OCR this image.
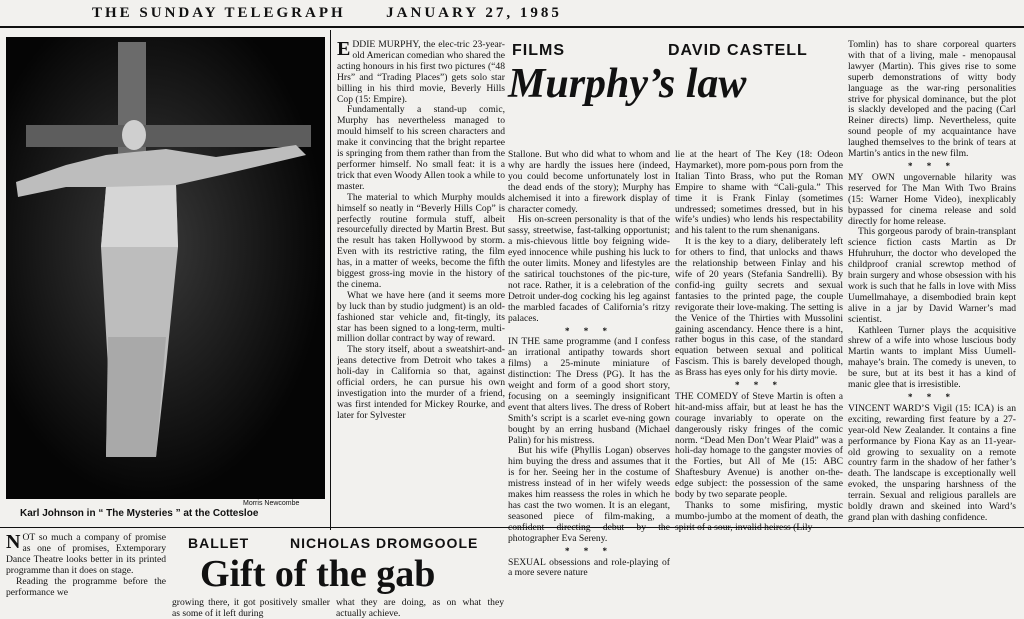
THE SUNDAY TELEGRAPH	JANUARY 27, 1985
Morris Newcombe
Karl Johnson in “ The Mysteries ” at the Cottesloe
FILMS	DAVID CASTELL
Murphy’s law
E DDIE MURPHY, the elec-tric 23-year-old American comedian who shared the acting honours in his first two pictures (“48 Hrs” and “Trading Places”) gets solo star billing in his third movie, Beverly Hills Cop (15: Empire).

Fundamentally a stand-up comic, Murphy has nevertheless managed to mould himself to his screen characters and make it convincing that the bright repartee is springing from them rather than from the performer himself. No small feat: it is a trick that even Woody Allen took a while to master.

The material to which Murphy moulds himself so neatly in “Beverly Hills Cop” is perfectly routine formula stuff, albeit resourcefully directed by Martin Brest. But the result has taken Hollywood by storm. Even with its restrictive rating, the film has, in a matter of weeks, become the fifth biggest gross-ing movie in the history of the cinema.

What we have here (and it seems more by luck than by studio judgment) is an old-fashioned star vehicle and, fit-tingly, its star has been signed to a long-term, multi-million dollar contract by way of reward.

The story itself, about a sweatshirt-and-jeans detective from Detroit who takes a holi-day in California so that, against official orders, he can pursue his own investigation into the murder of a friend, was first intended for Mickey Rourke, and later for Sylvester

Stallone. But who did what to whom and why are hardly the issues here (indeed, you could become unfortunately lost in the dead ends of the story); Murphy has alchemised it into a firework display of character comedy.

His on-screen personality is that of the sassy, streetwise, fast-talking opportunist; a mis-chievous little boy feigning wide-eyed innocence while pushing his luck to the outer limits. Money and lifestyles are the satirical touchstones of the pic-ture, not race. Rather, it is a celebration of the Detroit under-dog cocking his leg against the marbled facades of California’s ritzy palaces.

* * *

IN THE same programme (and I confess an irrational antipathy towards short films) a 25-minute miniature of distinction: The Dress (PG). It has the weight and form of a good short story, focusing on a seemingly insignificant event that alters lives. The dress of Robert Smith’s script is a scarlet eve-ning gown bought by an erring husband (Michael Palin) for his mistress.

But his wife (Phyllis Logan) observes him buying the dress and assumes that it is for her. Seeing her in the costume of mistress instead of in her wifely weeds makes him reassess the roles in which he has cast the two women. It is an elegant, seasoned piece of film-making, a confident directing debut by the photographer Eva Sereny.

* * *

SEXUAL obsessions and role-playing of a more severe nature

lie at the heart of The Key (18: Odeon Haymarket), more pom-pous porn from the Italian Tinto Brass, who put the Roman Empire to shame with “Cali-gula.” This time it is Frank Finlay (sometimes undressed; sometimes dressed, but in his wife’s undies) who lends his respectability and his talent to the rum shenanigans.

It is the key to a diary, deliberately left for others to find, that unlocks and thaws the relationship between Finlay and his wife of 20 years (Stefania Sandrelli). By confid-ing guilty secrets and sexual fantasies to the printed page, the couple revigorate their love-making. The setting is the Venice of the Thirties with Mussolini gaining ascendancy. Hence there is a hint, rather bogus in this case, of the standard equation between sexual and political Fascism. This is barely developed though, as Brass has eyes only for his dirty movie.

* * *

THE COMEDY of Steve Martin is often a hit-and-miss affair, but at least he has the courage invariably to operate on the dangerously risky fringes of the comic norm. “Dead Men Don’t Wear Plaid” was a holi-day homage to the gangster movies of the Forties, but All of Me (15: ABC Shaftesbury Avenue) is another on-the-edge subject: the possession of the same body by two separate people.

Thanks to some misfiring, mystic mumbo-jumbo at the moment of death, the spirit of a sour, invalid heiress (Lily

Tomlin) has to share corporeal quarters with that of a living, male - menopausal lawyer (Martin). This gives rise to some superb demonstrations of witty body language as the war-ring personalities strive for physical dominance, but the plot is slackly developed and the pacing (Carl Reiner directs) limp. Nevertheless, quite sound people of my acquaintance have laughed themselves to the brink of tears at Martin’s antics in the new film.

* * *

MY OWN ungovernable hilarity was reserved for The Man With Two Brains (15: Warner Home Video), inexplicably bypassed for cinema release and sold directly for home release.

This gorgeous parody of brain-transplant science fiction casts Martin as Dr Hfuhruhurr, the doctor who developed the childproof cranial screwtop method of brain surgery and whose obsession with his work is such that he falls in love with Miss Uumellmahaye, a disembodied brain kept alive in a jar by David Warner’s mad scientist.

Kathleen Turner plays the acquisitive shrew of a wife into whose luscious body Martin wants to implant Miss Uumell-mahaye’s brain. The comedy is uneven, to be sure, but at its best it has a kind of manic glee that is irresistible.

* * *

VINCENT WARD’S Vigil (15: ICA) is an exciting, rewarding first feature by a 27-year-old New Zealander. It contains a fine performance by Fiona Kay as an 11-year-old growing to sexuality on a remote country farm in the shadow of her father’s death. The landscape is exceptionally well evoked, the unsparing harshness of the terrain. Sexual and religious parallels are boldly drawn and skeined into Ward’s grand plan with dashing confidence.

N OT so much a company of promise as one of promises, Extemporary Dance Theatre looks better in its printed programme than it does on stage.

Reading the programme before the performance we

BALLET	NICHOLAS DROMGOOLE
Gift of the gab

growing there, it got positively smaller as some of it left during

what they are doing, as on what they actually achieve.
